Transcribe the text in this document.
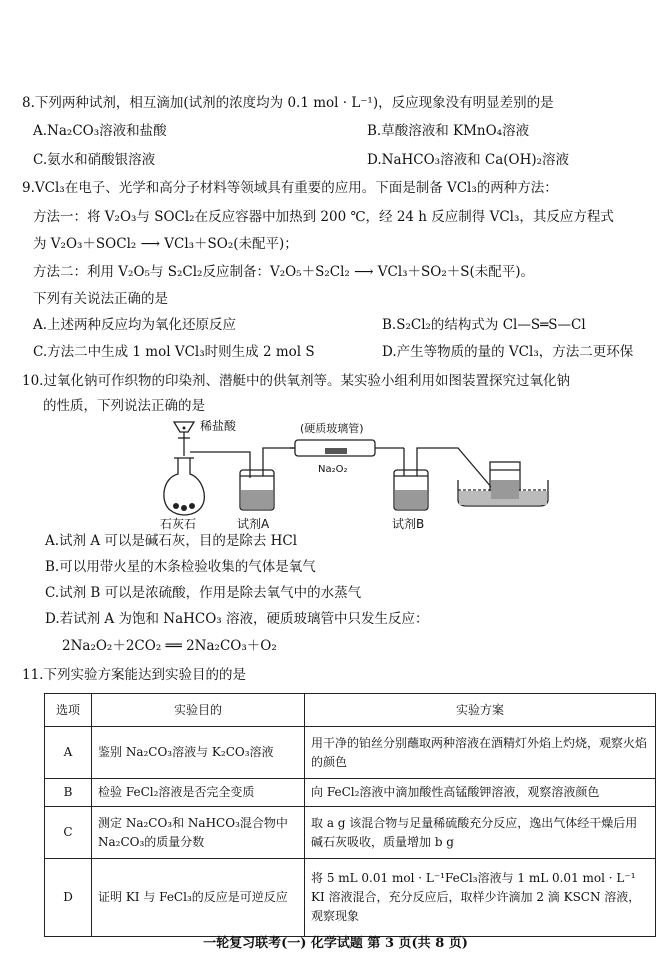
8.下列两种试剂，相互滴加(试剂的浓度均为 0.1 mol · L⁻¹)，反应现象没有明显差别的是
A.Na₂CO₃溶液和盐酸	B.草酸溶液和 KMnO₄溶液
C.氨水和硝酸银溶液	D.NaHCO₃溶液和 Ca(OH)₂溶液
9.VCl₃在电子、光学和高分子材料等领域具有重要的应用。下面是制备 VCl₃的两种方法：
方法一：将 V₂O₃与 SOCl₂在反应容器中加热到 200 ℃，经 24 h 反应制得 VCl₃，其反应方程式
为 V₂O₃＋SOCl₂ ⟶ VCl₃＋SO₂(未配平)；
方法二：利用 V₂O₅与 S₂Cl₂反应制备：V₂O₅＋S₂Cl₂ ⟶ VCl₃＋SO₂＋S(未配平)。
下列有关说法正确的是
A.上述两种反应均为氧化还原反应	B.S₂Cl₂的结构式为 Cl—S═S—Cl
C.方法二中生成 1 mol VCl₃时则生成 2 mol S	D.产生等物质的量的 VCl₃，方法二更环保
10.过氧化钠可作织物的印染剂、潜艇中的供氧剂等。某实验小组利用如图装置探究过氧化钠
的性质，下列说法正确的是
稀盐酸	(硬质玻璃管)
Na₂O₂
石灰石	试剂A	试剂B
A.试剂 A 可以是碱石灰，目的是除去 HCl
B.可以用带火星的木条检验收集的气体是氧气
C.试剂 B 可以是浓硫酸，作用是除去氧气中的水蒸气
D.若试剂 A 为饱和 NaHCO₃ 溶液，硬质玻璃管中只发生反应：
2Na₂O₂＋2CO₂ ══ 2Na₂CO₃＋O₂
11.下列实验方案能达到实验目的的是
选项	实验目的	实验方案
A	鉴别 Na₂CO₃溶液与 K₂CO₃溶液	用干净的铂丝分别蘸取两种溶液在酒精灯外焰上灼烧，观察火焰的颜色
B	检验 FeCl₂溶液是否完全变质	向 FeCl₂溶液中滴加酸性高锰酸钾溶液，观察溶液颜色
C	测定 Na₂CO₃和 NaHCO₃混合物中 Na₂CO₃的质量分数	取 a g 该混合物与足量稀硫酸充分反应，逸出气体经干燥后用碱石灰吸收，质量增加 b g
D	证明 KI 与 FeCl₃的反应是可逆反应	将 5 mL 0.01 mol · L⁻¹FeCl₃溶液与 1 mL 0.01 mol · L⁻¹ KI 溶液混合，充分反应后，取样少许滴加 2 滴 KSCN 溶液，观察现象
一轮复习联考(一) 化学试题 第 3 页(共 8 页)
